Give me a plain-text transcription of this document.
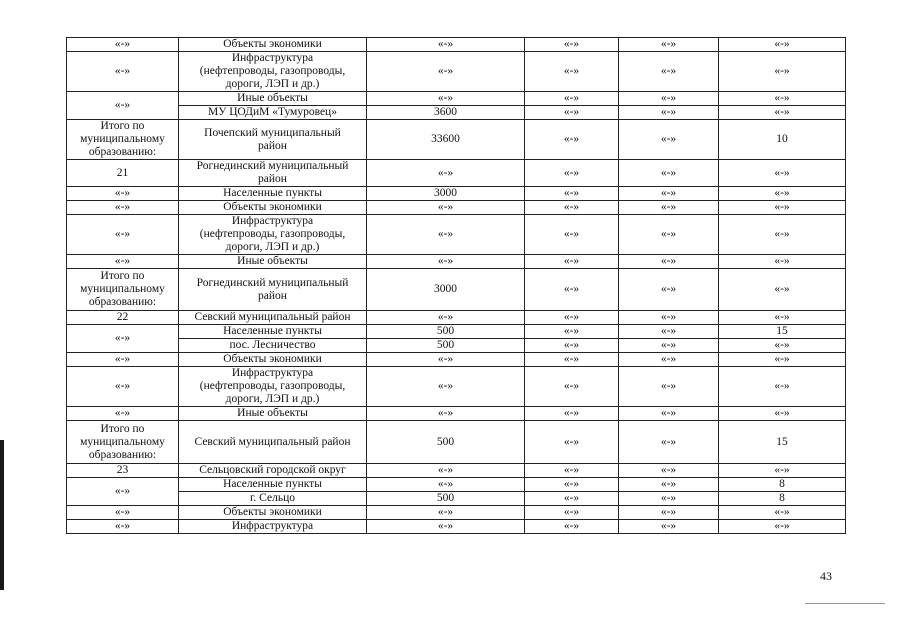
«-»	Объекты экономики	«-»	«-»	«-»	«-»
«-»	Инфраструктура
(нефтепроводы, газопроводы,
дороги, ЛЭП и др.)	«-»	«-»	«-»	«-»
«-»	Иные объекты	«-»	«-»	«-»	«-»
	МУ ЦОДиМ «Тумуровец»	3600	«-»	«-»	«-»
Итого по
муниципальному
образованию:	Почепский муниципальный
район	33600	«-»	«-»	10
21	Рогнединский муниципальный
район	«-»	«-»	«-»	«-»
«-»	Населенные пункты	3000	«-»	«-»	«-»
«-»	Объекты экономики	«-»	«-»	«-»	«-»
«-»	Инфраструктура
(нефтепроводы, газопроводы,
дороги, ЛЭП и др.)	«-»	«-»	«-»	«-»
«-»	Иные объекты	«-»	«-»	«-»	«-»
Итого по
муниципальному
образованию:	Рогнединский муниципальный
район	3000	«-»	«-»	«-»
22	Севский муниципальный район	«-»	«-»	«-»	«-»
«-»	Населенные пункты	500	«-»	«-»	15
	пос. Лесничество	500	«-»	«-»	«-»
«-»	Объекты экономики	«-»	«-»	«-»	«-»
«-»	Инфраструктура
(нефтепроводы, газопроводы,
дороги, ЛЭП и др.)	«-»	«-»	«-»	«-»
«-»	Иные объекты	«-»	«-»	«-»	«-»
Итого по
муниципальному
образованию:	Севский муниципальный район	500	«-»	«-»	15
23	Сельцовский городской округ	«-»	«-»	«-»	«-»
«-»	Населенные пункты	«-»	«-»	«-»	8
	г. Сельцо	500	«-»	«-»	8
«-»	Объекты экономики	«-»	«-»	«-»	«-»
«-»	Инфраструктура	«-»	«-»	«-»	«-»
43
